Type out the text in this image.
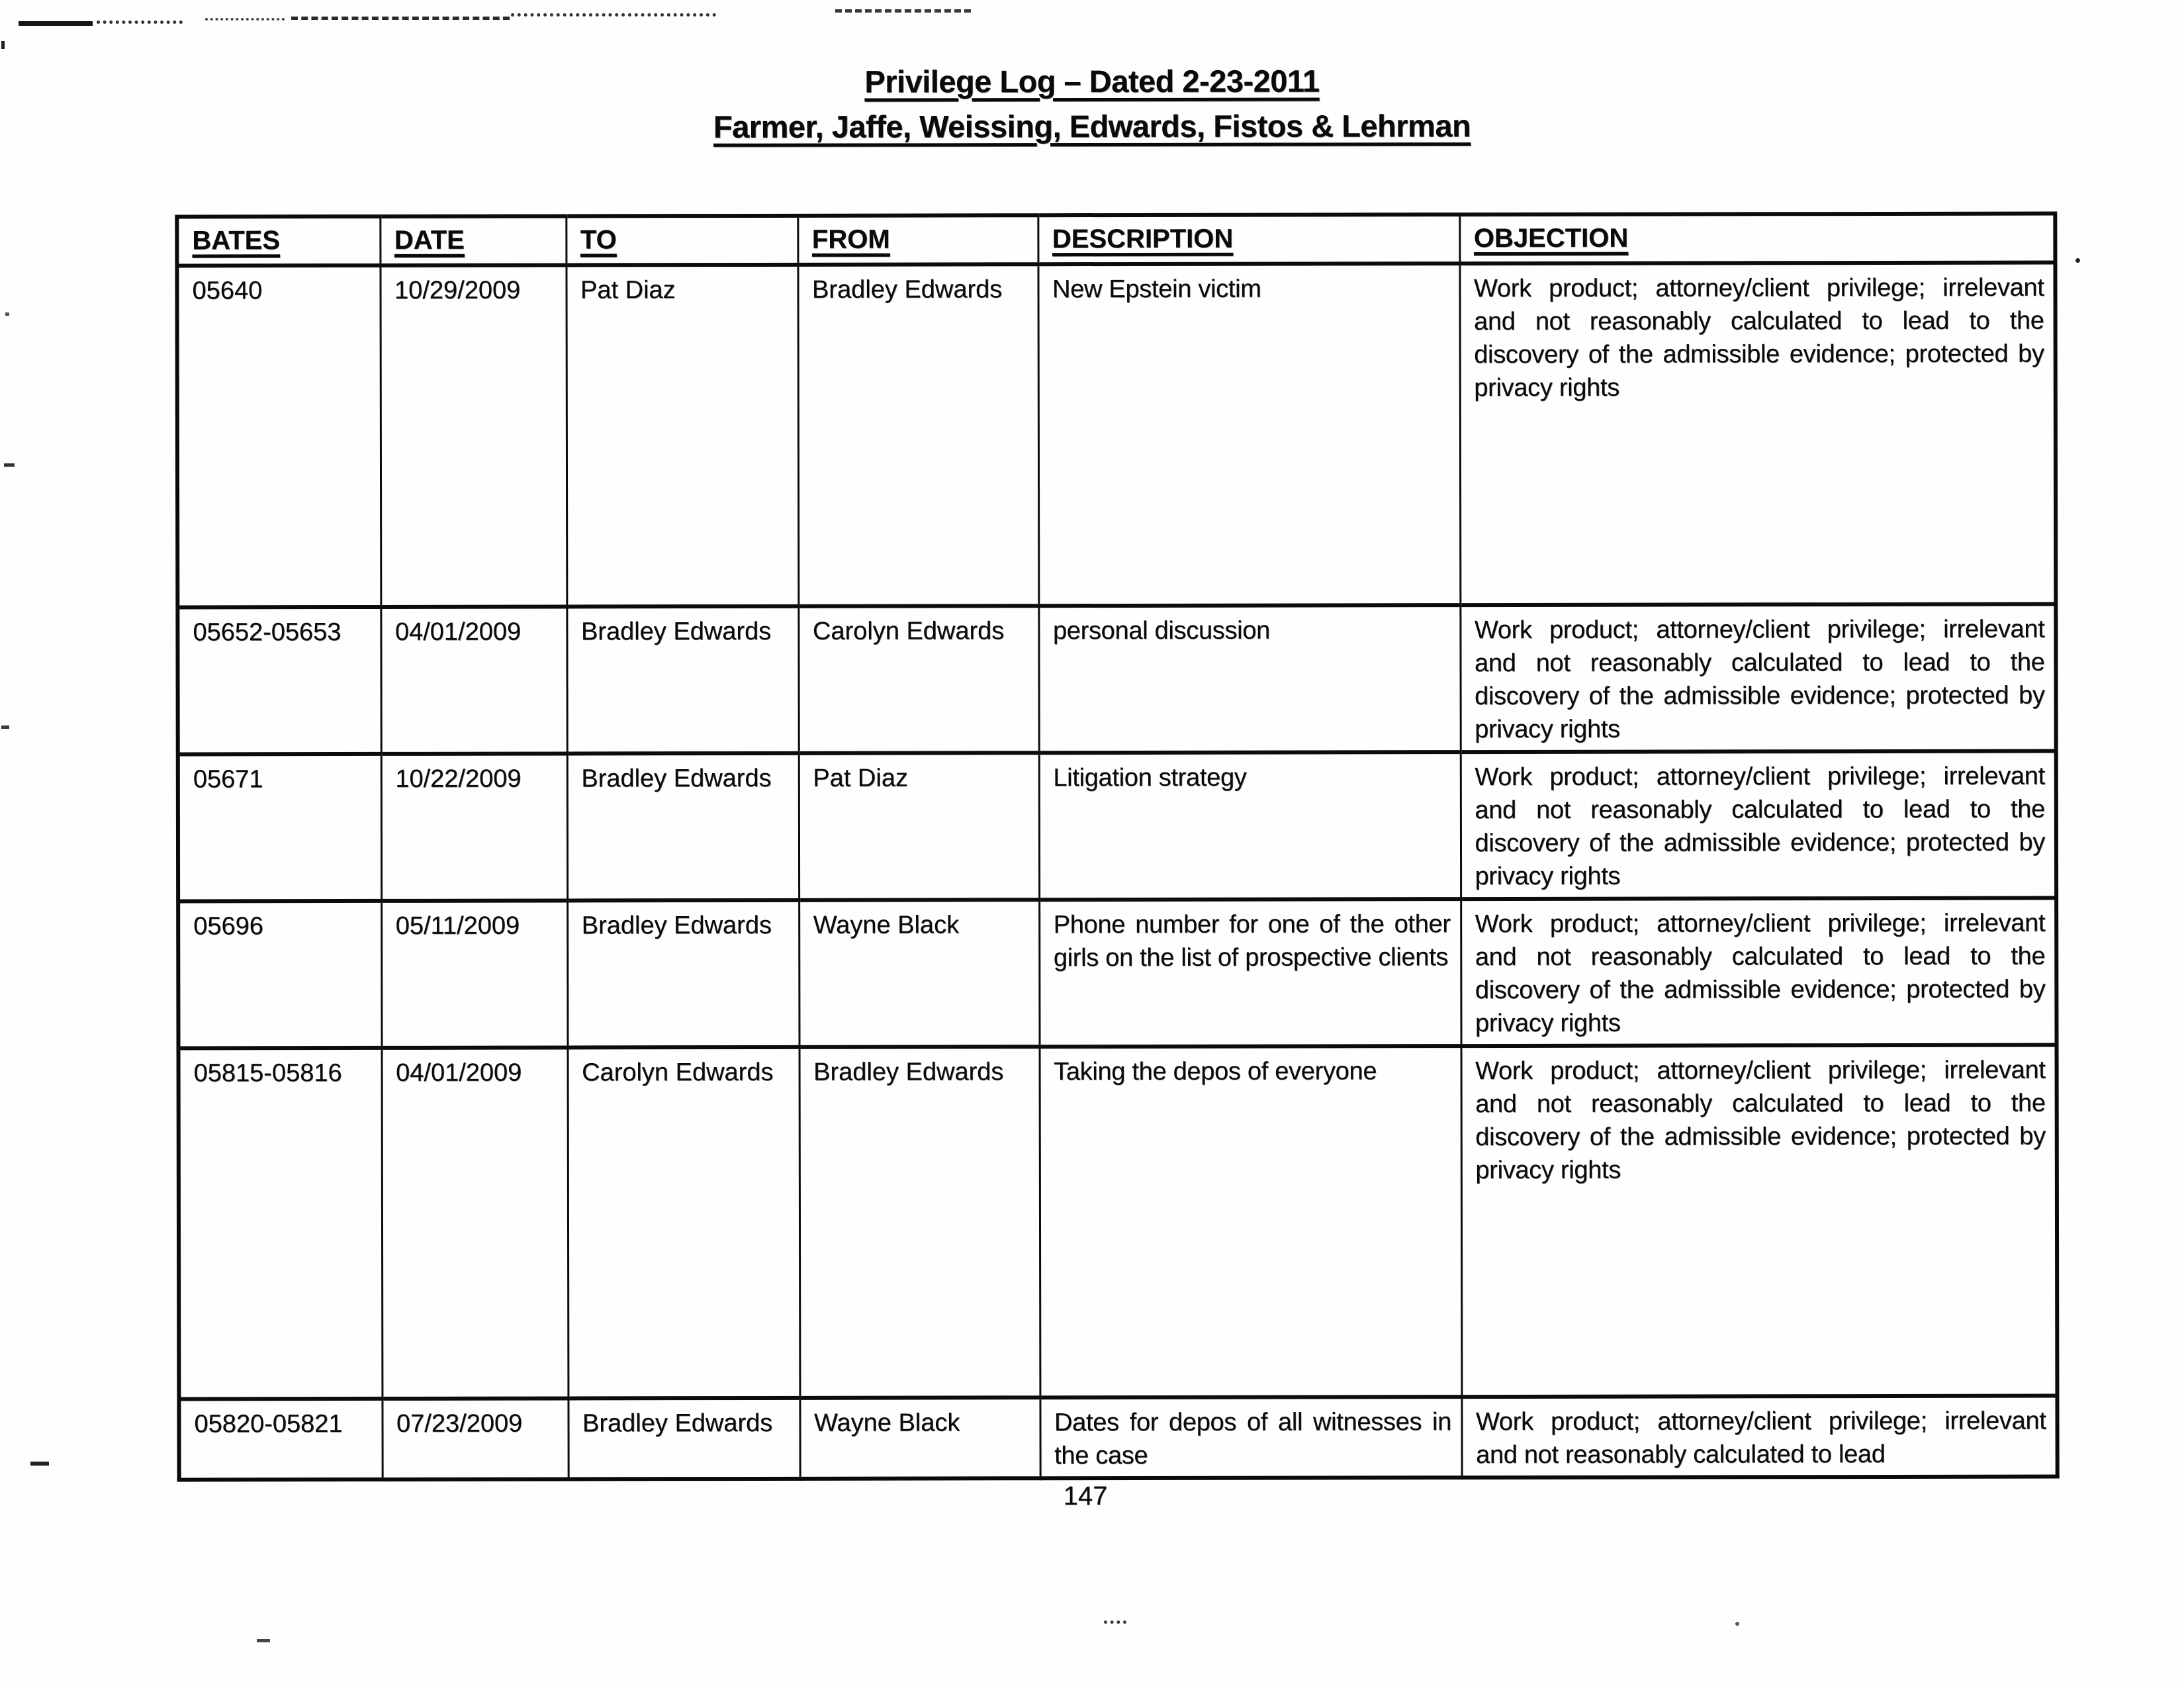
Privilege Log – Dated 2-23-2011
Farmer, Jaffe, Weissing, Edwards, Fistos & Lehrman
BATES	DATE	TO	FROM	DESCRIPTION	OBJECTION
05640	10/29/2009	Pat Diaz	Bradley Edwards	New Epstein victim	Work product; attorney/client privilege; irrelevant and not reasonably calculated to lead to the discovery of the admissible evidence; protected by privacy rights
05652-05653	04/01/2009	Bradley Edwards	Carolyn Edwards	personal discussion	Work product; attorney/client privilege; irrelevant and not reasonably calculated to lead to the discovery of the admissible evidence; protected by privacy rights
05671	10/22/2009	Bradley Edwards	Pat Diaz	Litigation strategy	Work product; attorney/client privilege; irrelevant and not reasonably calculated to lead to the discovery of the admissible evidence; protected by privacy rights
05696	05/11/2009	Bradley Edwards	Wayne Black	Phone number for one of the other girls on the list of prospective clients	Work product; attorney/client privilege; irrelevant and not reasonably calculated to lead to the discovery of the admissible evidence; protected by privacy rights
05815-05816	04/01/2009	Carolyn Edwards	Bradley Edwards	Taking the depos of everyone	Work product; attorney/client privilege; irrelevant and not reasonably calculated to lead to the discovery of the admissible evidence; protected by privacy rights
05820-05821	07/23/2009	Bradley Edwards	Wayne Black	Dates for depos of all witnesses in the case	Work product; attorney/client privilege; irrelevant and not reasonably calculated to lead
147
